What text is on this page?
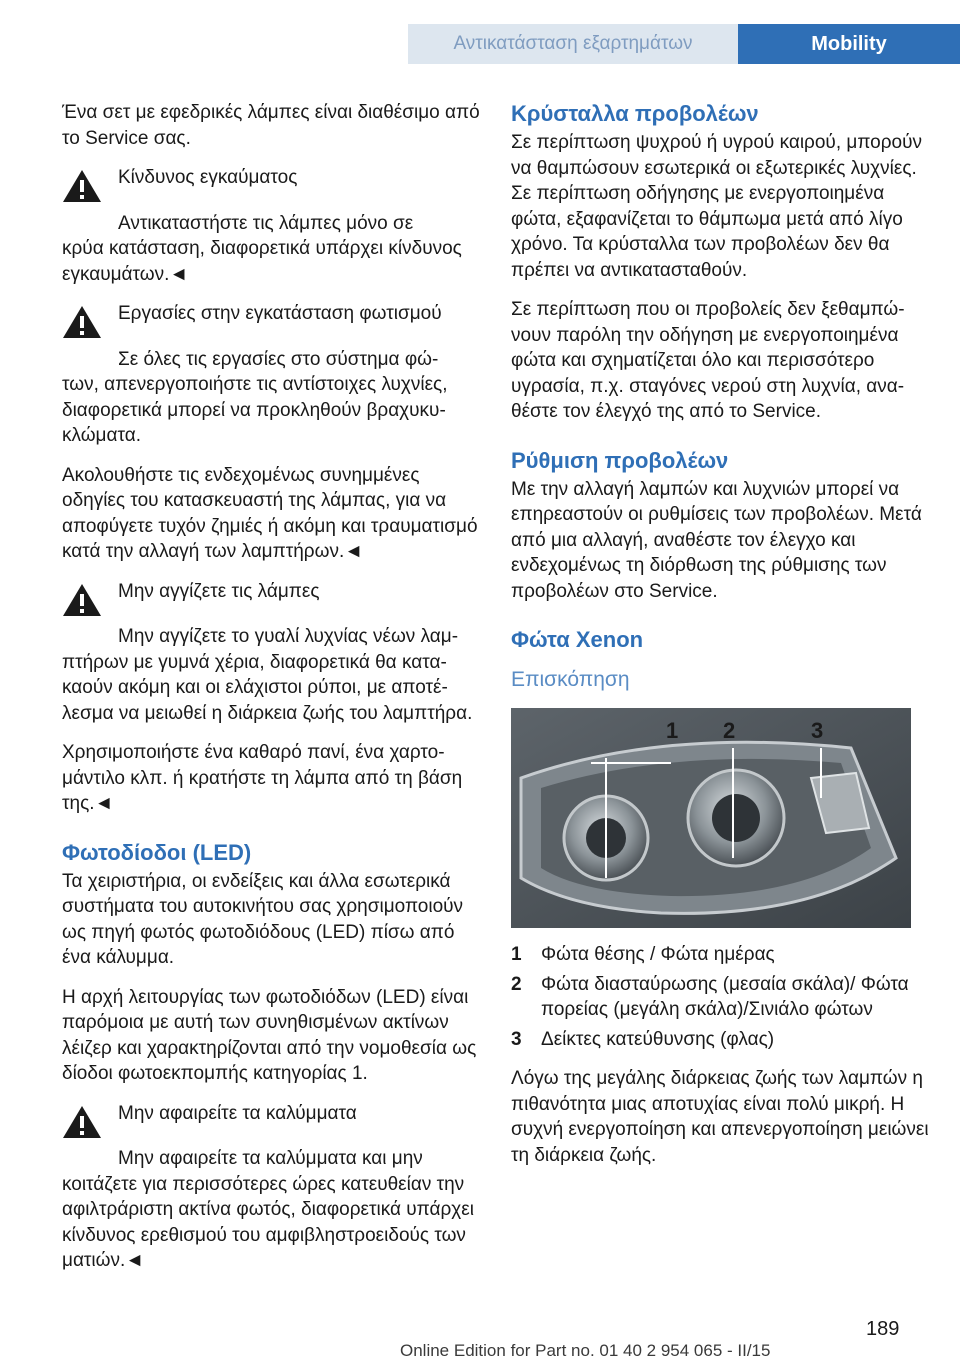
Αντικατάσταση εξαρτημάτων	Mobility

Ένα σετ με εφεδρικές λάμπες είναι διαθέσιμο από το Service σας.

Κίνδυνος εγκαύματος
Αντικαταστήστε τις λάμπες μόνο σε
κρύα κατάσταση, διαφορετικά υπάρχει κίνδυνος εγκαυμάτων.◄
Εργασίες στην εγκατάσταση φωτισμού
Σε όλες τις εργασίες στο σύστημα φώ-
των, απενεργοποιήστε τις αντίστοιχες λυχνίες, διαφορετικά μπορεί να προκληθούν βραχυκυκλώματα.

Ακολουθήστε τις ενδεχομένως συνημμένες οδηγίες του κατασκευαστή της λάμπας, για να αποφύγετε τυχόν ζημιές ή ακόμη και τραυματισμό κατά την αλλαγή των λαμπτήρων.◄

Μην αγγίζετε τις λάμπες
Μην αγγίζετε το γυαλί λυχνίας νέων λαμ-
πτήρων με γυμνά χέρια, διαφορετικά θα κατακαούν ακόμη και οι ελάχιστοι ρύποι, με αποτέλεσμα να μειωθεί η διάρκεια ζωής του λαμπτήρα.

Χρησιμοποιήστε ένα καθαρό πανί, ένα χαρτομάντιλο κλπ. ή κρατήστε τη λάμπα από τη βάση της.◄

Φωτοδίοδοι (LED)

Τα χειριστήρια, οι ενδείξεις και άλλα εσωτερικά συστήματα του αυτοκινήτου σας χρησιμοποιούν ως πηγή φωτός φωτοδιόδους (LED) πίσω από ένα κάλυμμα.

Η αρχή λειτουργίας των φωτοδιόδων (LED) είναι παρόμοια με αυτή των συνηθισμένων ακτίνων λέιζερ και χαρακτηρίζονται από την νομοθεσία ως δίοδοι φωτοεκπομπής κατηγορίας 1.

Μην αφαιρείτε τα καλύμματα
Μην αφαιρείτε τα καλύμματα και μην
κοιτάζετε για περισσότερες ώρες κατευθείαν την αφιλτράριστη ακτίνα φωτός, διαφορετικά υπάρχει κίνδυνος ερεθισμού του αμφιβληστροειδούς των ματιών.◄
Κρύσταλλα προβολέων

Σε περίπτωση ψυχρού ή υγρού καιρού, μπορούν να θαμπώσουν εσωτερικά οι εξωτερικές λυχνίες. Σε περίπτωση οδήγησης με ενεργοποιημένα φώτα, εξαφανίζεται το θάμπωμα μετά από λίγο χρόνο. Τα κρύσταλλα των προβολέων δεν θα πρέπει να αντικατασταθούν.

Σε περίπτωση που οι προβολείς δεν ξεθαμπώνουν παρόλη την οδήγηση με ενεργοποιημένα φώτα και σχηματίζεται όλο και περισσότερο υγρασία, π.χ. σταγόνες νερού στη λυχνία, αναθέστε τον έλεγχό της από το Service.

Ρύθμιση προβολέων

Με την αλλαγή λαμπών και λυχνιών μπορεί να επηρεαστούν οι ρυθμίσεις των προβολέων. Μετά από μια αλλαγή, αναθέστε τον έλεγχο και ενδεχομένως τη διόρθωση της ρύθμισης των προβολέων στο Service.

Φώτα Xenon
Επισκόπηση
1 2	3
1	Φώτα θέσης / Φώτα ημέρας
2	Φώτα διασταύρωσης (μεσαία σκάλα)/ Φώτα πορείας (μεγάλη σκάλα)/Σινιάλο φώτων
3	Δείκτες κατεύθυνσης (φλας)

Λόγω της μεγάλης διάρκειας ζωής των λαμπών η πιθανότητα μιας αποτυχίας είναι πολύ μικρή. Η συχνή ενεργοποίηση και απενεργοποίηση μειώνει τη διάρκεια ζωής.

189
Online Edition for Part no. 01 40 2 954 065 - II/15
